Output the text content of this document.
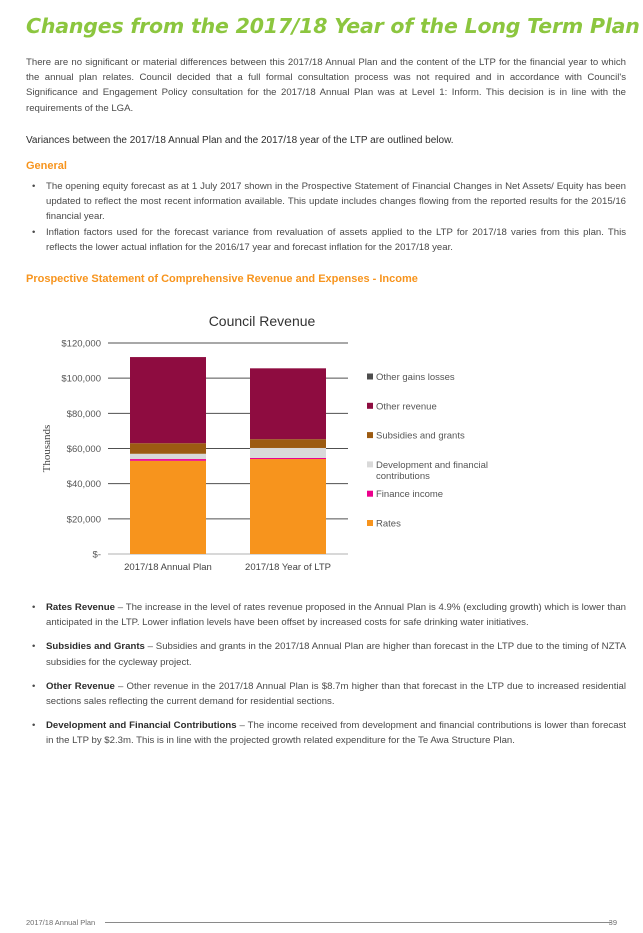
Changes from the 2017/18 Year of the Long Term Plan

There are no significant or material differences between this 2017/18 Annual Plan and the content of the LTP for the financial year to which the annual plan relates. Council decided that a full formal consultation process was not required and in accordance with Council's Significance and Engagement Policy consultation for the 2017/18 Annual Plan was at Level 1: Inform. This decision is in line with the requirements of the LGA.

Variances between the 2017/18 Annual Plan and the 2017/18 year of the LTP are outlined below.

General
• The opening equity forecast as at 1 July 2017 shown in the Prospective Statement of Financial Changes in Net Assets/ Equity has been updated to reflect the most recent information available. This update includes changes flowing from the reported results for the 2015/16 financial year.
• Inflation factors used for the forecast variance from revaluation of assets applied to the LTP for 2017/18 varies from this plan. This reflects the lower actual inflation for the 2016/17 year and forecast inflation for the 2017/18 year.
Prospective Statement of Comprehensive Revenue and Expenses - Income
Council Revenue
$-
$20,000
$40,000
$60,000
$80,000
$100,000
$120,000
Thousands
2017/18 Annual Plan	2017/18 Year of LTP
Other gains losses
Other revenue
Subsidies and grants
Development and financial
contributions
Finance income
Rates
• Rates Revenue – The increase in the level of rates revenue proposed in the Annual Plan is 4.9% (excluding growth) which is lower than anticipated in the LTP. Lower inflation levels have been offset by increased costs for safe drinking water initiatives.
• Subsidies and Grants – Subsidies and grants in the 2017/18 Annual Plan are higher than forecast in the LTP due to the timing of NZTA subsidies for the cycleway project.
• Other Revenue – Other revenue in the 2017/18 Annual Plan is $8.7m higher than that forecast in the LTP due to increased residential sections sales reflecting the current demand for residential sections.
• Development and Financial Contributions – The income received from development and financial contributions is lower than forecast in the LTP by $2.3m. This is in line with the projected growth related expenditure for the Te Awa Structure Plan.
2017/18 Annual Plan	39
